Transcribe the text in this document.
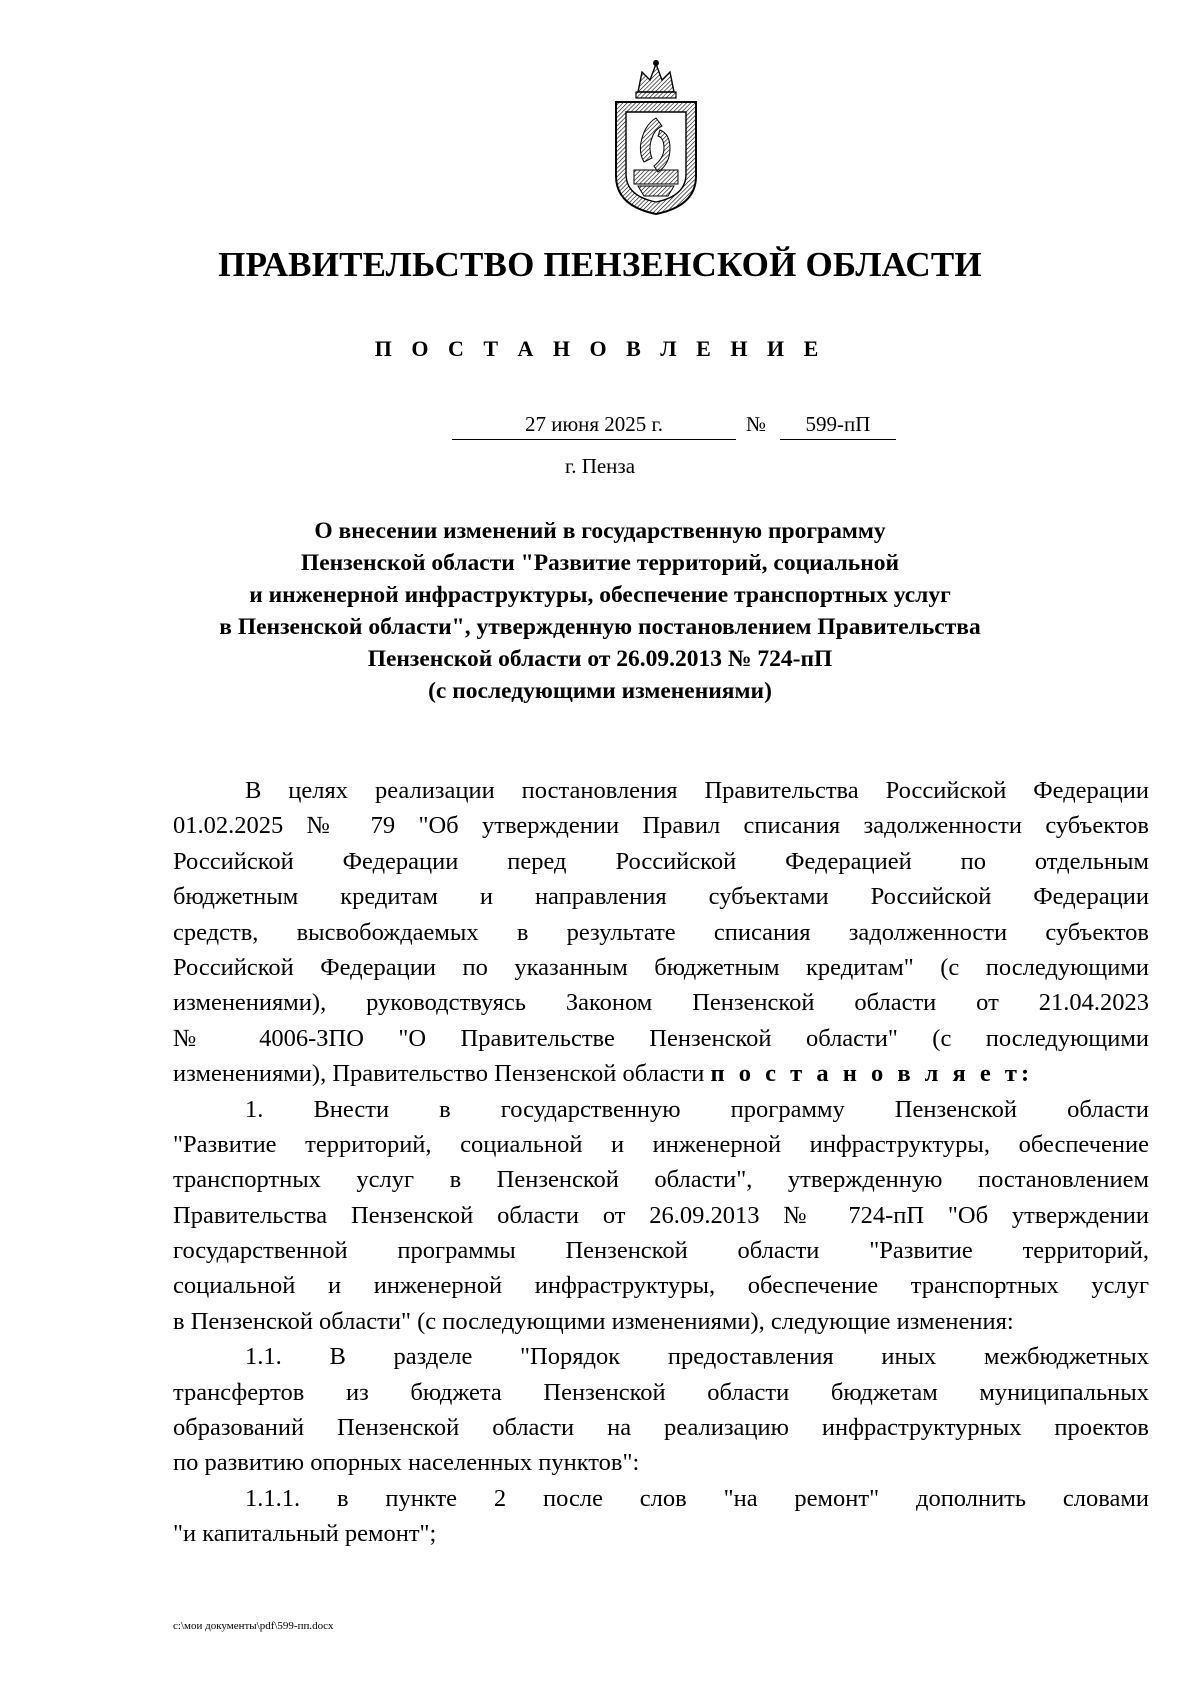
ПРАВИТЕЛЬСТВО ПЕНЗЕНСКОЙ ОБЛАСТИ
П О С Т А Н О В Л Е Н И Е
27 июня 2025 г.	№	599-пП
г. Пенза
О внесении изменений в государственную программу
Пензенской области "Развитие территорий, социальной
и инженерной инфраструктуры, обеспечение транспортных услуг
в Пензенской области", утвержденную постановлением Правительства
Пензенской области от 26.09.2013 № 724-пП
(с последующими изменениями)
В целях реализации постановления Правительства Российской Федерации
01.02.2025 № 79 "Об утверждении Правил списания задолженности субъектов
Российской Федерации перед Российской Федерацией по отдельным
бюджетным кредитам и направления субъектами Российской Федерации
средств, высвобождаемых в результате списания задолженности субъектов
Российской Федерации по указанным бюджетным кредитам" (с последующими
изменениями), руководствуясь Законом Пензенской области от 21.04.2023
№ 4006-ЗПО "О Правительстве Пензенской области" (с последующими
изменениями), Правительство Пензенской области п о с т а н о в л я е т:
1. Внести в государственную программу Пензенской области
"Развитие территорий, социальной и инженерной инфраструктуры, обеспечение
транспортных услуг в Пензенской области", утвержденную постановлением
Правительства Пензенской области от 26.09.2013 № 724-пП "Об утверждении
государственной программы Пензенской области "Развитие территорий,
социальной и инженерной инфраструктуры, обеспечение транспортных услуг
в Пензенской области" (с последующими изменениями), следующие изменения:
1.1. В разделе "Порядок предоставления иных межбюджетных
трансфертов из бюджета Пензенской области бюджетам муниципальных
образований Пензенской области на реализацию инфраструктурных проектов
по развитию опорных населенных пунктов":
1.1.1. в пункте 2 после слов "на ремонт" дополнить словами
"и капитальный ремонт";
c:\мои документы\pdf\599-пп.docx
